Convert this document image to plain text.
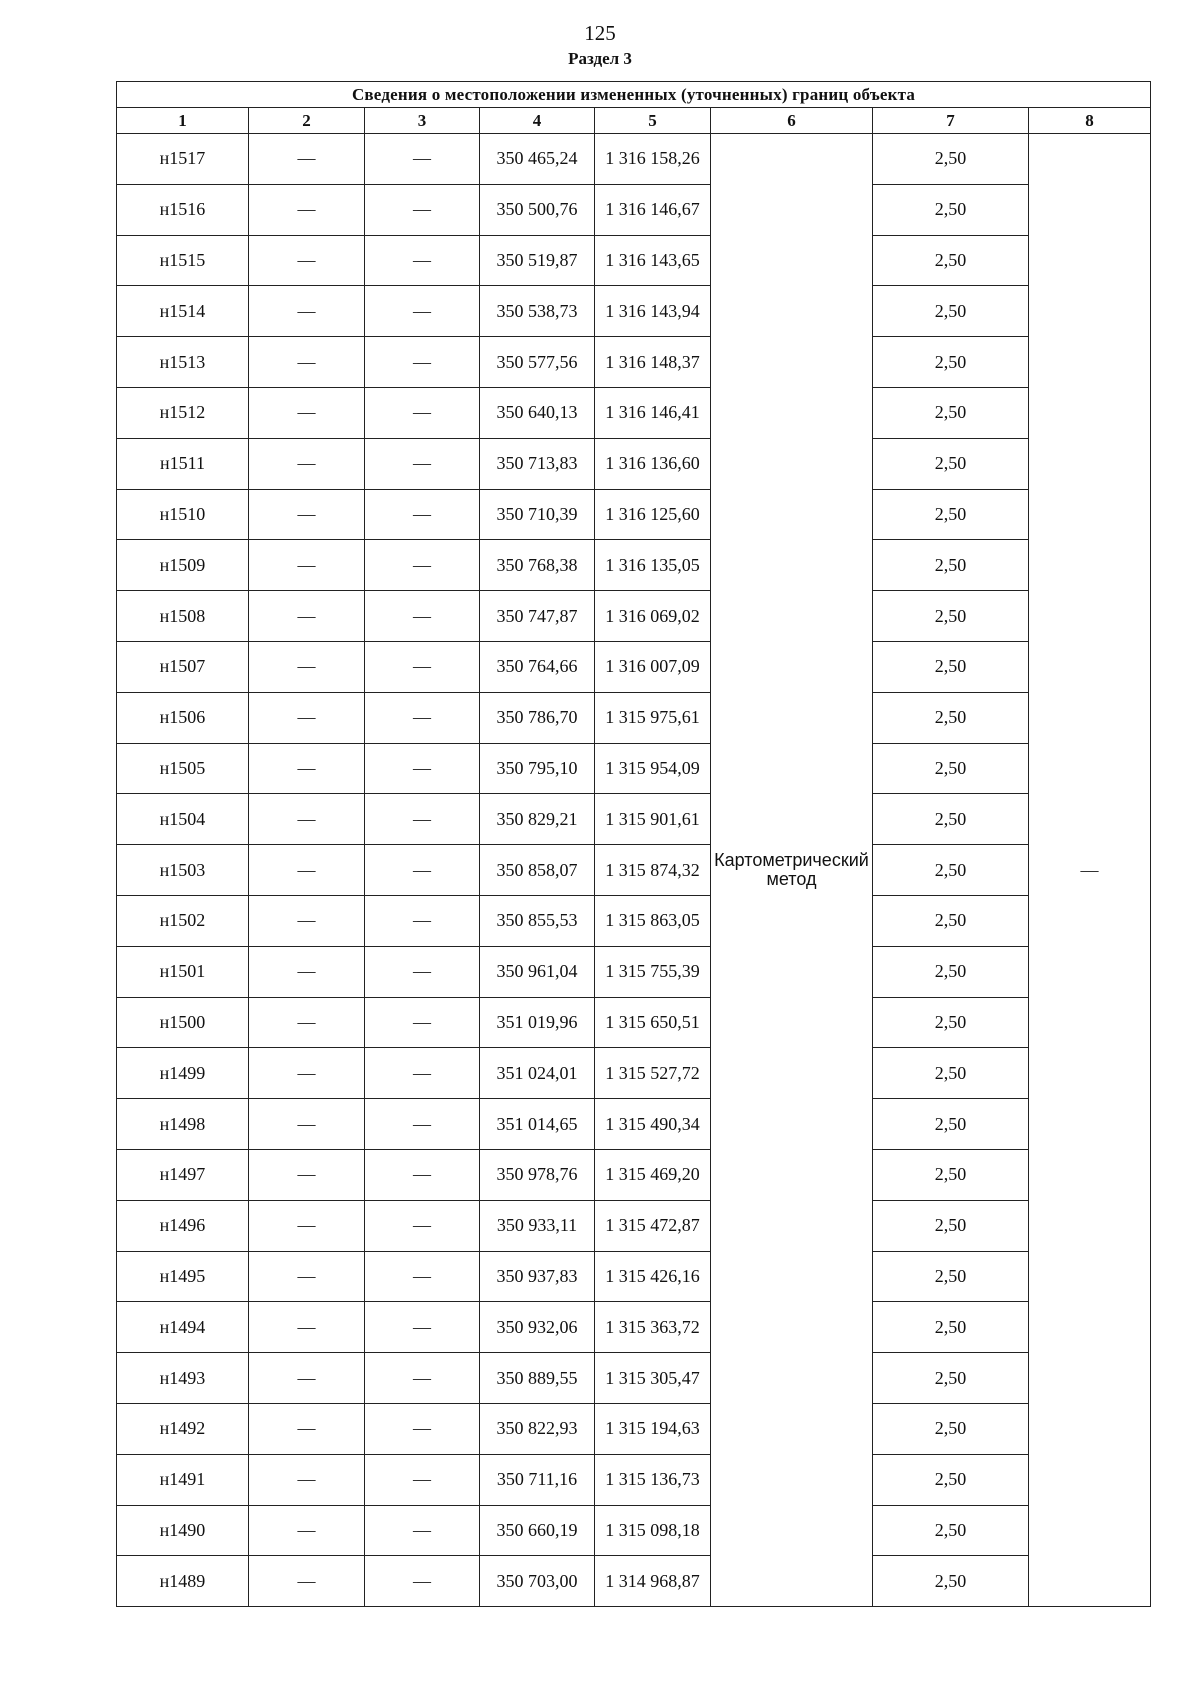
125
Раздел 3
Сведения о местоположении измененных (уточненных) границ объекта							
1	2	3	4	5	6	7	8
н1517	—	—	350 465,24	1 316 158,26	Картометрический метод	2,50	—
н1516	—	—	350 500,76	1 316 146,67		2,50	
н1515	—	—	350 519,87	1 316 143,65		2,50	
н1514	—	—	350 538,73	1 316 143,94		2,50	
н1513	—	—	350 577,56	1 316 148,37		2,50	
н1512	—	—	350 640,13	1 316 146,41		2,50	
н1511	—	—	350 713,83	1 316 136,60		2,50	
н1510	—	—	350 710,39	1 316 125,60		2,50	
н1509	—	—	350 768,38	1 316 135,05		2,50	
н1508	—	—	350 747,87	1 316 069,02		2,50	
н1507	—	—	350 764,66	1 316 007,09		2,50	
н1506	—	—	350 786,70	1 315 975,61		2,50	
н1505	—	—	350 795,10	1 315 954,09		2,50	
н1504	—	—	350 829,21	1 315 901,61		2,50	
н1503	—	—	350 858,07	1 315 874,32		2,50	
н1502	—	—	350 855,53	1 315 863,05		2,50	
н1501	—	—	350 961,04	1 315 755,39		2,50	
н1500	—	—	351 019,96	1 315 650,51		2,50	
н1499	—	—	351 024,01	1 315 527,72		2,50	
н1498	—	—	351 014,65	1 315 490,34		2,50	
н1497	—	—	350 978,76	1 315 469,20		2,50	
н1496	—	—	350 933,11	1 315 472,87		2,50	
н1495	—	—	350 937,83	1 315 426,16		2,50	
н1494	—	—	350 932,06	1 315 363,72		2,50	
н1493	—	—	350 889,55	1 315 305,47		2,50	
н1492	—	—	350 822,93	1 315 194,63		2,50	
н1491	—	—	350 711,16	1 315 136,73		2,50	
н1490	—	—	350 660,19	1 315 098,18		2,50	
н1489	—	—	350 703,00	1 314 968,87		2,50	
